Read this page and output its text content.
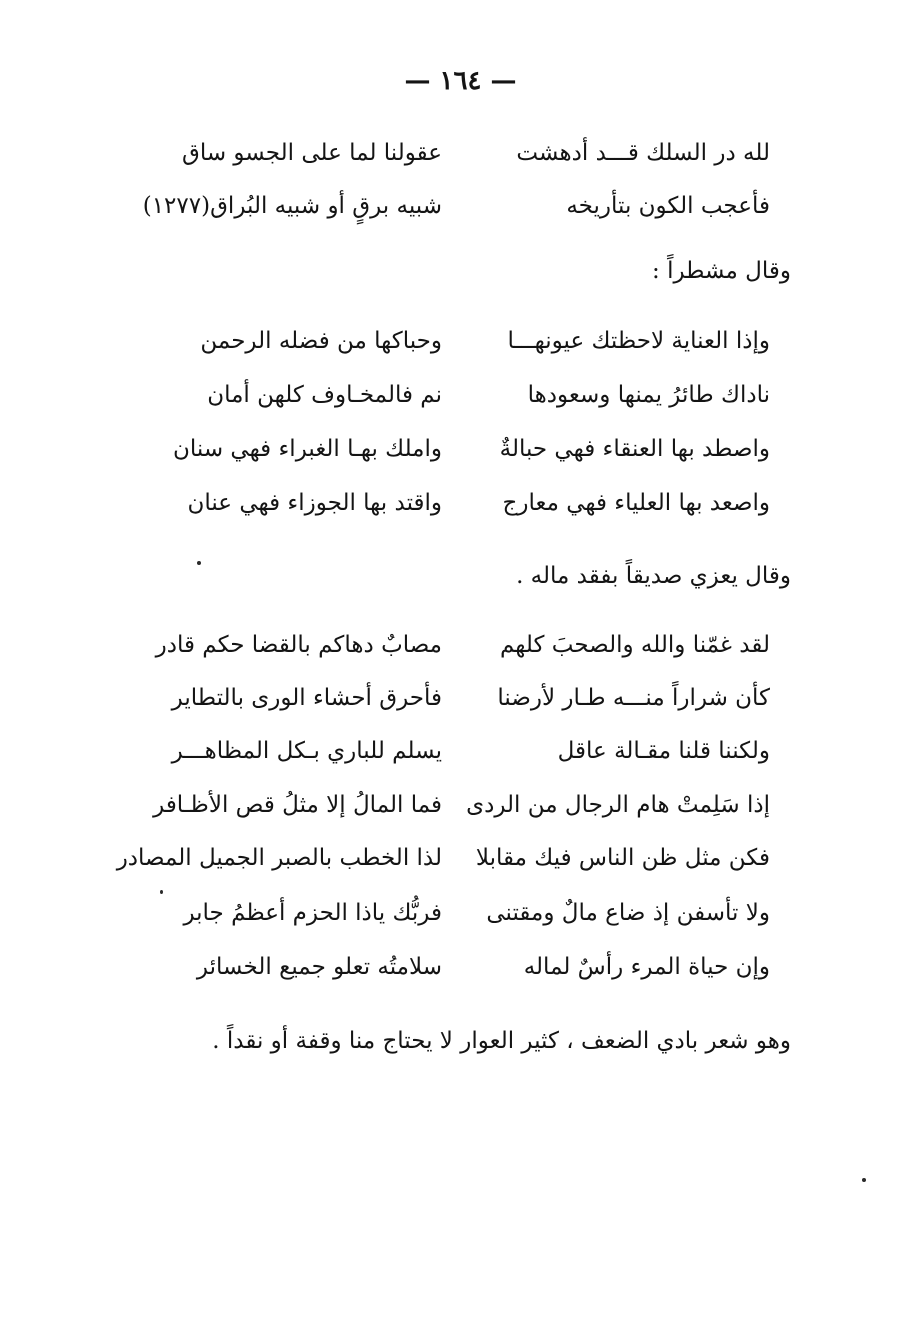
— ١٦٤ —
لله در السلك قـــد أدهشت
عقولنا لما على الجسو ساق
فأعجب الكون بتأريخه
شبيه برقٍ أو شبيه البُراق(١٢٧٧)
وقال مشطراً :
وإذا العناية لاحظتك عيونهـــا
وحباكها من فضله الرحمن
ناداك طائرُ يمنها وسعودها
نم فالمخـاوف كلهن أمان
واصطد بها العنقاء فهي حبالةٌ
واملك بهـا الغبراء فهي سنان
واصعد بها العلياء فهي معارج
واقتد بها الجوزاء فهي عنان
وقال يعزي صديقاً بفقد ماله .
لقد غمّنا والله والصحبَ كلهم
مصابٌ دهاكم بالقضا حكم قادر
كأن شراراً منـــه طـار لأرضنا
فأحرق أحشاء الورى بالتطاير
ولكننا قلنا مقـالة عاقل
يسلم للباري بـكل المظاهـــر
إذا سَلِمتْ هام الرجال من الردى
فما المالُ إلا مثلُ قص الأظـافر
فكن مثل ظن الناس فيك مقابلا
لذا الخطب بالصبر الجميل المصادر
ولا تأسفن إذ ضاع مالٌ ومقتنى
فربُّك ياذا الحزم أعظمُ جابر
وإن حياة المرء رأسٌ لماله
سلامتُه تعلو جميع الخسائر
وهو شعر بادي الضعف ، كثير العوار لا يحتاج منا وقفة أو نقداً .
